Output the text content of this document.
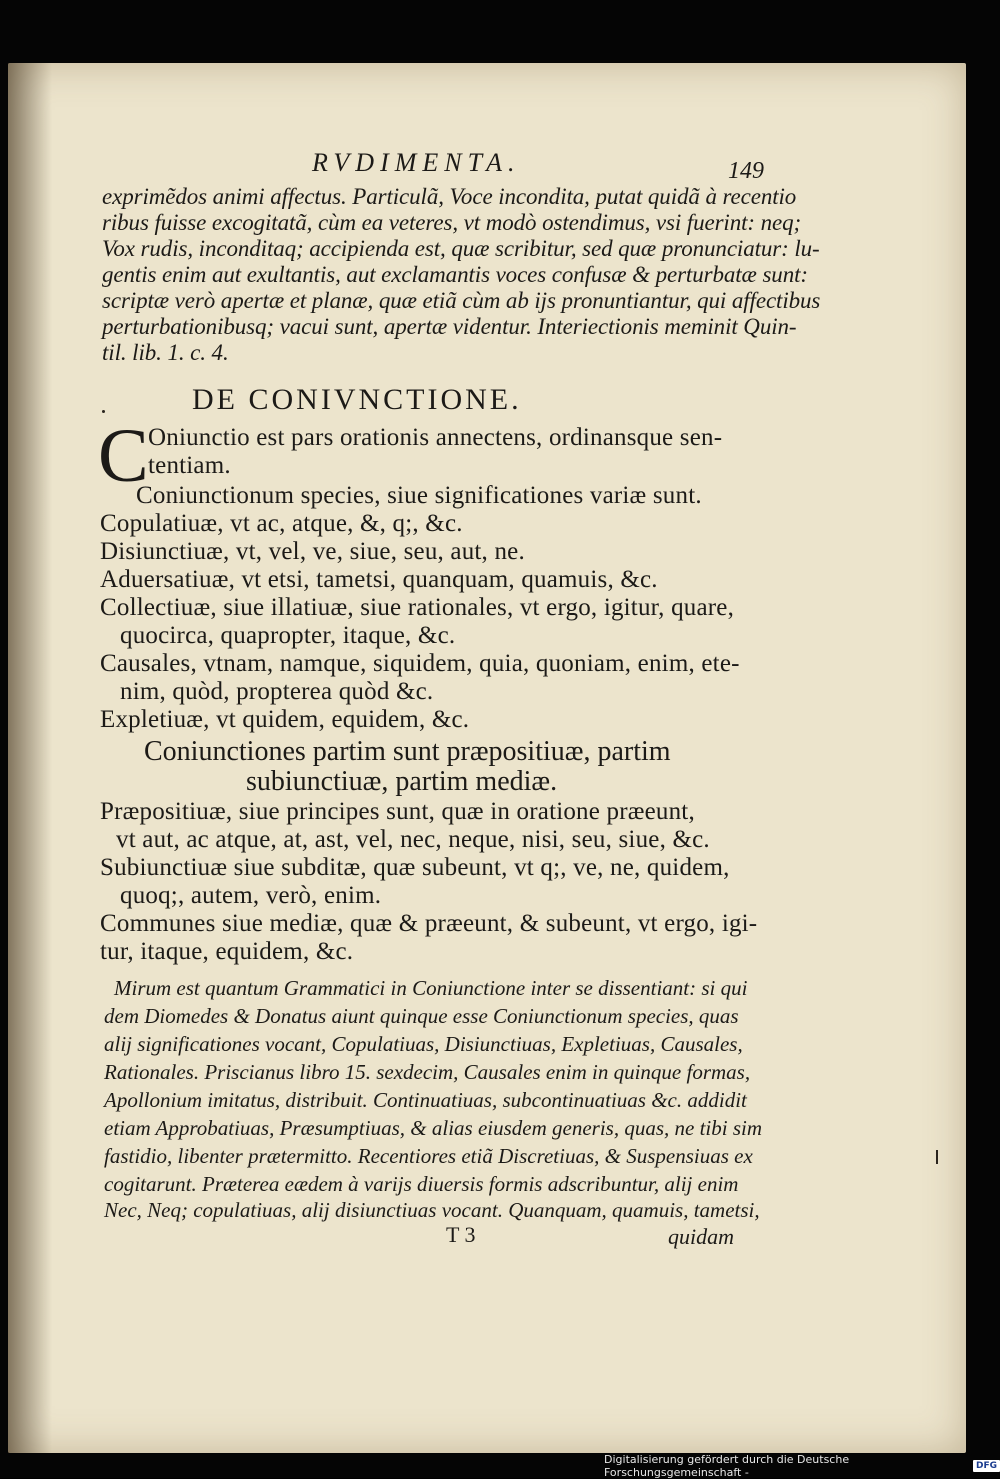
RVDIMENTA.	149
exprimẽdos animi affectus. Particulã, Voce incondita, putat quidã à recentio
ribus fuisse excogitatã, cùm ea veteres, vt modò ostendimus, vsi fuerint: neq;
Vox rudis, inconditaq; accipienda est, quæ scribitur, sed quæ pronunciatur: lu-
gentis enim aut exultantis, aut exclamantis voces confusæ & perturbatæ sunt:
scriptæ verò apertæ et planæ, quæ etiã cùm ab ijs pronuntiantur, qui affectibus
perturbationibusq; vacui sunt, apertæ videntur. Interiectionis meminit Quin-
til. lib. 1. c. 4.
DE CONIVNCTIONE.
C Oniunctio est pars orationis annectens, ordinansque sen-
tentiam.
Coniunctionum species, siue significationes variæ sunt.
Copulatiuæ, vt ac, atque, &, q;, &c.
Disiunctiuæ, vt, vel, ve, siue, seu, aut, ne.
Aduersatiuæ, vt etsi, tametsi, quanquam, quamuis, &c.
Collectiuæ, siue illatiuæ, siue rationales, vt ergo, igitur, quare,
quocirca, quapropter, itaque, &c.
Causales, vtnam, namque, siquidem, quia, quoniam, enim, ete-
nim, quòd, propterea quòd &c.
Expletiuæ, vt quidem, equidem, &c.
Coniunctiones partim sunt præpositiuæ, partim
subiunctiuæ, partim mediæ.
Præpositiuæ, siue principes sunt, quæ in oratione præeunt,
vt aut, ac atque, at, ast, vel, nec, neque, nisi, seu, siue, &c.
Subiunctiuæ siue subditæ, quæ subeunt, vt q;, ve, ne, quidem,
quoq;, autem, verò, enim.
Communes siue mediæ, quæ & præeunt, & subeunt, vt ergo, igi-
tur, itaque, equidem, &c.
Mirum est quantum Grammatici in Coniunctione inter se dissentiant: si qui
dem Diomedes & Donatus aiunt quinque esse Coniunctionum species, quas
alij significationes vocant, Copulatiuas, Disiunctiuas, Expletiuas, Causales,
Rationales. Priscianus libro 15. sexdecim, Causales enim in quinque formas,
Apollonium imitatus, distribuit. Continuatiuas, subcontinuatiuas &c. addidit
etiam Approbatiuas, Præsumptiuas, & alias eiusdem generis, quas, ne tibi sim
fastidio, libenter prætermitto. Recentiores etiã Discretiuas, & Suspensiuas ex
cogitarunt. Præterea eædem à varijs diuersis formis adscribuntur, alij enim
Nec, Neq; copulatiuas, alij disiunctiuas vocant. Quanquam, quamuis, tametsi,
T 3	quidam
Digitalisierung gefördert durch die Deutsche Forschungsgemeinschaft -	DFG
